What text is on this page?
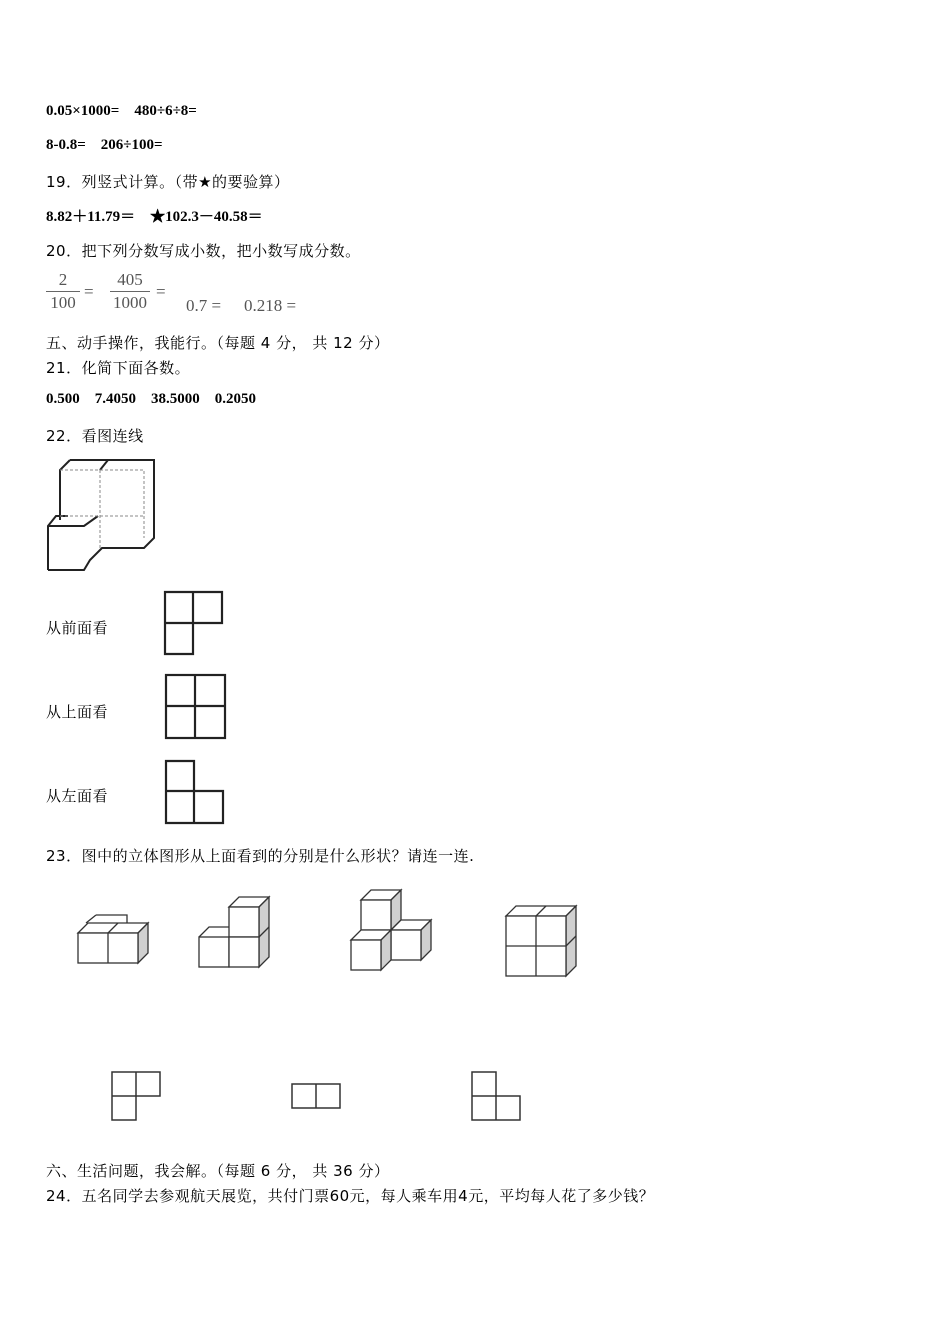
0.05×1000=    480÷6÷8=
8-0.8=    206÷100=
19．列竖式计算。（带★的要验算）
8.82＋11.79＝    ★102.3－40.58＝
20．把下列分数写成小数，把小数写成分数。
2
100
=
405
1000
=
0.7 = 0.218 =
五、动手操作，我能行。（每题 4 分， 共 12 分）
21．化简下面各数。
0.500    7.4050    38.5000    0.2050
22．看图连线
从前面看
从上面看
从左面看
23．图中的立体图形从上面看到的分别是什么形状？请连一连.
六、生活问题，我会解。（每题 6 分， 共 36 分）
24．五名同学去参观航天展览，共付门票60元，每人乘车用4元，平均每人花了多少钱？
